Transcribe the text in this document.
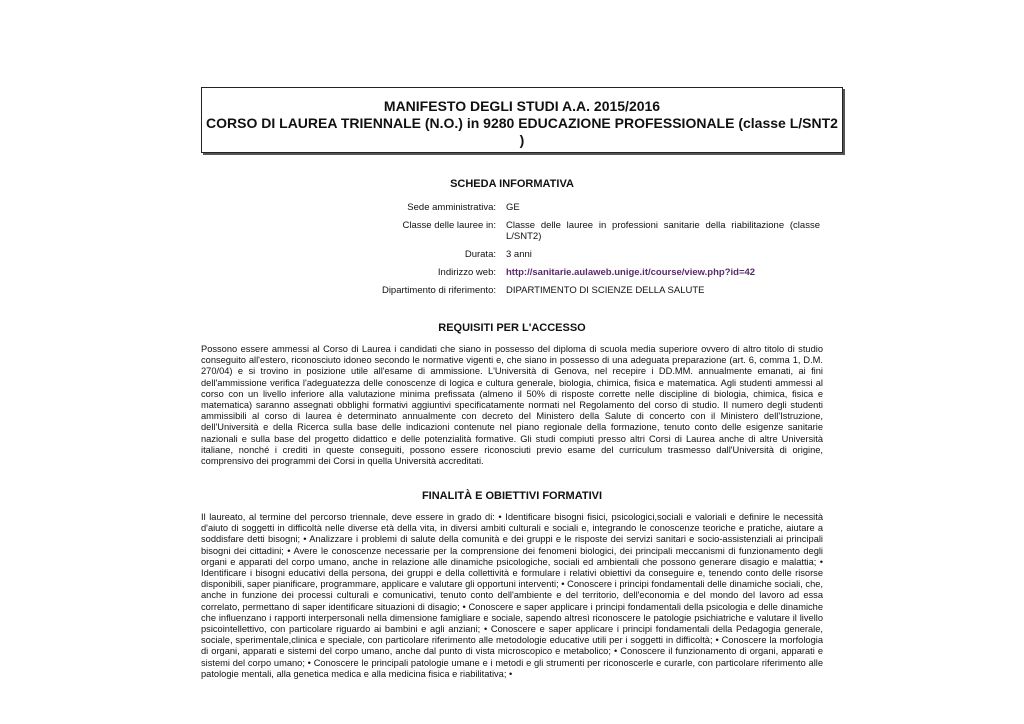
MANIFESTO DEGLI STUDI A.A. 2015/2016
CORSO DI LAUREA TRIENNALE (N.O.) in 9280 EDUCAZIONE PROFESSIONALE (classe L/SNT2
)
SCHEDA INFORMATIVA
Sede amministrativa:	GE
Classe delle lauree in:	Classe delle lauree in professioni sanitarie della riabilitazione (classe L/SNT2)
Durata:	3 anni
Indirizzo web:	http://sanitarie.aulaweb.unige.it/course/view.php?id=42
Dipartimento di riferimento:	DIPARTIMENTO DI SCIENZE DELLA SALUTE
REQUISITI PER L'ACCESSO
Possono essere ammessi al Corso di Laurea i candidati che siano in possesso del diploma di scuola media superiore ovvero di altro titolo di studio conseguito all'estero, riconosciuto idoneo secondo le normative vigenti e, che siano in possesso di una adeguata preparazione (art. 6, comma 1, D.M. 270/04) e si trovino in posizione utile all'esame di ammissione. L'Università di Genova, nel recepire i DD.MM. annualmente emanati, ai fini dell'ammissione verifica l'adeguatezza delle conoscenze di logica e cultura generale, biologia, chimica, fisica e matematica. Agli studenti ammessi al corso con un livello inferiore alla valutazione minima prefissata (almeno il 50% di risposte corrette nelle discipline di biologia, chimica, fisica e matematica) saranno assegnati obblighi formativi aggiuntivi specificatamente normati nel Regolamento del corso di studio. Il numero degli studenti ammissibili al corso di laurea è determinato annualmente con decreto del Ministero della Salute di concerto con il Ministero dell'Istruzione, dell'Università e della Ricerca sulla base delle indicazioni contenute nel piano regionale della formazione, tenuto conto delle esigenze sanitarie nazionali e sulla base del progetto didattico e delle potenzialità formative. Gli studi compiuti presso altri Corsi di Laurea anche di altre Università italiane, nonché i crediti in queste conseguiti, possono essere riconosciuti previo esame del curriculum trasmesso dall'Università di origine, comprensivo dei programmi dei Corsi in quella Università accreditati.
FINALITÀ E OBIETTIVI FORMATIVI
Il laureato, al termine del percorso triennale, deve essere in grado di: • Identificare bisogni fisici, psicologici,sociali e valoriali e definire le necessità d'aiuto di soggetti in difficoltà nelle diverse età della vita, in diversi ambiti culturali e sociali e, integrando le conoscenze teoriche e pratiche, aiutare a soddisfare detti bisogni; • Analizzare i problemi di salute della comunità e dei gruppi e le risposte dei servizi sanitari e socio-assistenziali ai principali bisogni dei cittadini; • Avere le conoscenze necessarie per la comprensione dei fenomeni biologici, dei principali meccanismi di funzionamento degli organi e apparati del corpo umano, anche in relazione alle dinamiche psicologiche, sociali ed ambientali che possono generare disagio e malattia; • Identificare i bisogni educativi della persona, dei gruppi e della collettività e formulare i relativi obiettivi da conseguire e, tenendo conto delle risorse disponibili, saper pianificare, programmare, applicare e valutare gli opportuni interventi; • Conoscere i principi fondamentali delle dinamiche sociali, che, anche in funzione dei processi culturali e comunicativi, tenuto conto dell'ambiente e del territorio, dell'economia e del mondo del lavoro ad essa correlato, permettano di saper identificare situazioni di disagio; • Conoscere e saper applicare i principi fondamentali della psicologia e delle dinamiche che influenzano i rapporti interpersonali nella dimensione famigliare e sociale, sapendo altresì riconoscere le patologie psichiatriche e valutare il livello psicointellettivo, con particolare riguardo ai bambini e agli anziani; • Conoscere e saper applicare i principi fondamentali della Pedagogia generale, sociale, sperimentale,clinica e speciale, con particolare riferimento alle metodologie educative utili per i soggetti in difficoltà; • Conoscere la morfologia di organi, apparati e sistemi del corpo umano, anche dal punto di vista microscopico e metabolico; • Conoscere il funzionamento di organi, apparati e sistemi del corpo umano; • Conoscere le principali patologie umane e i metodi e gli strumenti per riconoscerle e curarle, con particolare riferimento alle patologie mentali, alla genetica medica e alla medicina fisica e riabilitativa; •
